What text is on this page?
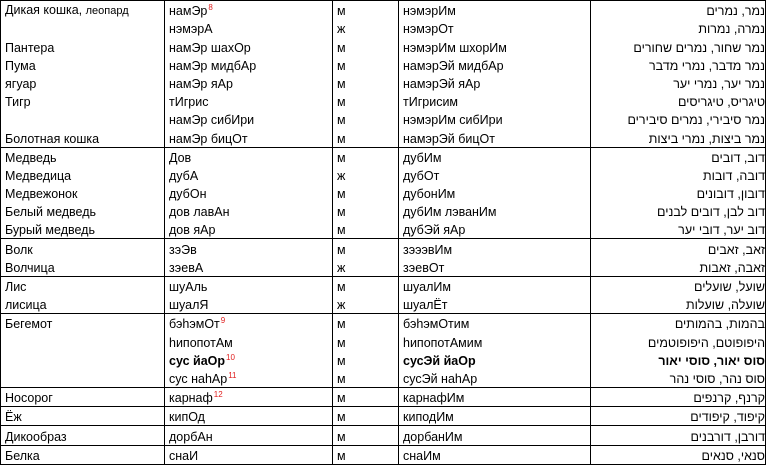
Дикая кошка, леопард	намЭр$^8$	м	нэмэрИм	נמר, נמרים
	нэмэрА	ж	нэмэрОт	נמרה, נמרות
Пантера	намЭр шахОр	м	нэмэрИм шхорИм	נמר שחור, נמרים שחורים
Пума	намЭр мидбАр	м	намэрЭй мидбАр	נמר מדבר, נמרי מדבר
ягуар	намЭр яАр	м	намэрЭй яАр	נמר יער, נמרי יער
Тигр	тИгрис	м	тИгрисим	טיגריס, טיגריסים
	намЭр сибИри	м	нэмэрИм сибИри	נמר סיבירי, נמרים סיבירים
Болотная кошка	намЭр бицОт	м	намэрЭй бицОт	נמר ביצות, נמרי ביצות
Медведь	Дов	м	дубИм	דוב, דובים
Медведица	дубА	ж	дубОт	דובה, דובות
Медвежонок	дубОн	м	дубонИм	דובון, דובונים
Белый медведь	дов лавАн	м	дубИм лэванИм	דוב לבן, דובים לבנים
Бурый медведь	дов яАр	м	дубЭй яАр	דוב יער, דובי יער
Волк	зэЭв	м	зэээвИм	זאב, זאבים
Волчица	зэевА	ж	зэевОт	זאבה, זאבות
Лис	шуАль	м	шуалИм	שועל, שועלים
лисица	шуалЯ	ж	шуалЁт	שועלה, שועלות
Бегемот	бэhэмОт$^9$	м	бэhэмОтим	בהמות, בהמותים
	hипопотАм	м	hипопотАмим	היפופוטם, היפופוטמים
	сус йаОр$^{10}$	м	сусЭй йаОр	סוס יאור, סוסי יאור
	сус наhАр$^{11}$	м	сусЭй наhАр	סוס נהר, סוסי נהר
Носорог	карнаф$^{12}$	м	карнафИм	קרנף, קרנפים
Ёж	кипОд	м	киподИм	קיפוד, קיפודים
Дикообраз	дорбАн	м	дорбанИм	דורבן, דורבנים
Белка	снаИ	м	снаИм	סנאי, סנאים
